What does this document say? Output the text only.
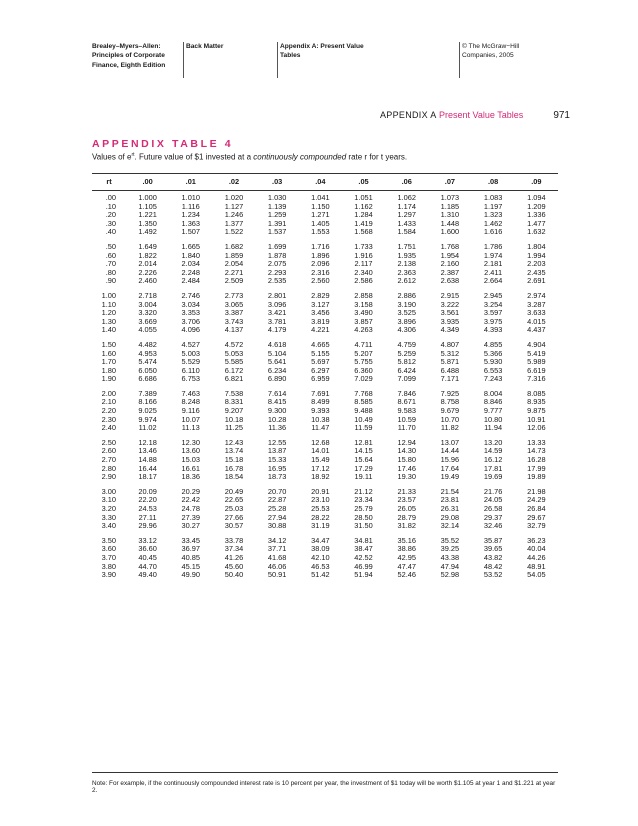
Brealey–Myers–Allen:
Principles of Corporate
Finance, Eighth Edition
Back Matter	Appendix A: Present Value
Tables
© The McGraw−Hill
Companies, 2005
APPENDIX A Present Value Tables	971
APPENDIX TABLE 4
Values of $e^{rt}$. Future value of $1 invested at a continuously compounded rate r for t years.
rt	.00	.01	.02	.03	.04	.05	.06	.07	.08	.09
.00	1.000	1.010	1.020	1.030	1.041	1.051	1.062	1.073	1.083	1.094
.10	1.105	1.116	1.127	1.139	1.150	1.162	1.174	1.185	1.197	1.209
.20	1.221	1.234	1.246	1.259	1.271	1.284	1.297	1.310	1.323	1.336
.30	1.350	1.363	1.377	1.391	1.405	1.419	1.433	1.448	1.462	1.477
.40	1.492	1.507	1.522	1.537	1.553	1.568	1.584	1.600	1.616	1.632
.50	1.649	1.665	1.682	1.699	1.716	1.733	1.751	1.768	1.786	1.804
.60	1.822	1.840	1.859	1.878	1.896	1.916	1.935	1.954	1.974	1.994
.70	2.014	2.034	2.054	2.075	2.096	2.117	2.138	2.160	2.181	2.203
.80	2.226	2.248	2.271	2.293	2.316	2.340	2.363	2.387	2.411	2.435
.90	2.460	2.484	2.509	2.535	2.560	2.586	2.612	2.638	2.664	2.691
1.00	2.718	2.746	2.773	2.801	2.829	2.858	2.886	2.915	2.945	2.974
1.10	3.004	3.034	3.065	3.096	3.127	3.158	3.190	3.222	3.254	3.287
1.20	3.320	3.353	3.387	3.421	3.456	3.490	3.525	3.561	3.597	3.633
1.30	3.669	3.706	3.743	3.781	3.819	3.857	3.896	3.935	3.975	4.015
1.40	4.055	4.096	4.137	4.179	4.221	4.263	4.306	4.349	4.393	4.437
1.50	4.482	4.527	4.572	4.618	4.665	4.711	4.759	4.807	4.855	4.904
1.60	4.953	5.003	5.053	5.104	5.155	5.207	5.259	5.312	5.366	5.419
1.70	5.474	5.529	5.585	5.641	5.697	5.755	5.812	5.871	5.930	5.989
1.80	6.050	6.110	6.172	6.234	6.297	6.360	6.424	6.488	6.553	6.619
1.90	6.686	6.753	6.821	6.890	6.959	7.029	7.099	7.171	7.243	7.316
2.00	7.389	7.463	7.538	7.614	7.691	7.768	7.846	7.925	8.004	8.085
2.10	8.166	8.248	8.331	8.415	8.499	8.585	8.671	8.758	8.846	8.935
2.20	9.025	9.116	9.207	9.300	9.393	9.488	9.583	9.679	9.777	9.875
2.30	9.974	10.07	10.18	10.28	10.38	10.49	10.59	10.70	10.80	10.91
2.40	11.02	11.13	11.25	11.36	11.47	11.59	11.70	11.82	11.94	12.06
2.50	12.18	12.30	12.43	12.55	12.68	12.81	12.94	13.07	13.20	13.33
2.60	13.46	13.60	13.74	13.87	14.01	14.15	14.30	14.44	14.59	14.73
2.70	14.88	15.03	15.18	15.33	15.49	15.64	15.80	15.96	16.12	16.28
2.80	16.44	16.61	16.78	16.95	17.12	17.29	17.46	17.64	17.81	17.99
2.90	18.17	18.36	18.54	18.73	18.92	19.11	19.30	19.49	19.69	19.89
3.00	20.09	20.29	20.49	20.70	20.91	21.12	21.33	21.54	21.76	21.98
3.10	22.20	22.42	22.65	22.87	23.10	23.34	23.57	23.81	24.05	24.29
3.20	24.53	24.78	25.03	25.28	25.53	25.79	26.05	26.31	26.58	26.84
3.30	27.11	27.39	27.66	27.94	28.22	28.50	28.79	29.08	29.37	29.67
3.40	29.96	30.27	30.57	30.88	31.19	31.50	31.82	32.14	32.46	32.79
3.50	33.12	33.45	33.78	34.12	34.47	34.81	35.16	35.52	35.87	36.23
3.60	36.60	36.97	37.34	37.71	38.09	38.47	38.86	39.25	39.65	40.04
3.70	40.45	40.85	41.26	41.68	42.10	42.52	42.95	43.38	43.82	44.26
3.80	44.70	45.15	45.60	46.06	46.53	46.99	47.47	47.94	48.42	48.91
3.90	49.40	49.90	50.40	50.91	51.42	51.94	52.46	52.98	53.52	54.05
Note: For example, if the continuously compounded interest rate is 10 percent per year, the investment of $1 today will be worth $1.105 at year 1 and $1.221 at year 2.
